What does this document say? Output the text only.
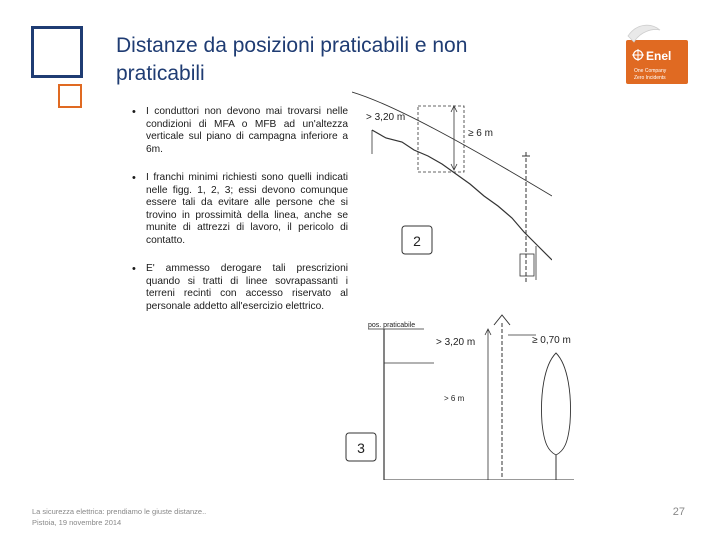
Distanze da posizioni praticabili e non praticabili
Enel
One Company
Zero Incidents
• I conduttori non devono mai trovarsi nelle condizioni di MFA o MFB ad un'altezza verticale sul piano di campagna inferiore a 6m.
• I franchi minimi richiesti sono quelli indicati nelle figg. 1, 2, 3; essi devono comunque essere tali da evitare alle persone che si trovino in prossimità della linea, anche se munite di attrezzi di lavoro, il pericolo di contatto.
• E' ammesso derogare tali prescrizioni quando si tratti di linee sovrapassanti i terreni recinti con accesso riservato al personale addetto all'esercizio elettrico.
> 3,20 m
≥ 6 m
2
pos. praticabile
> 3,20 m	≥ 0,70 m
> 6 m
3
La sicurezza elettrica: prendiamo le giuste distanze..
Pistoia, 19 novembre 2014
27
